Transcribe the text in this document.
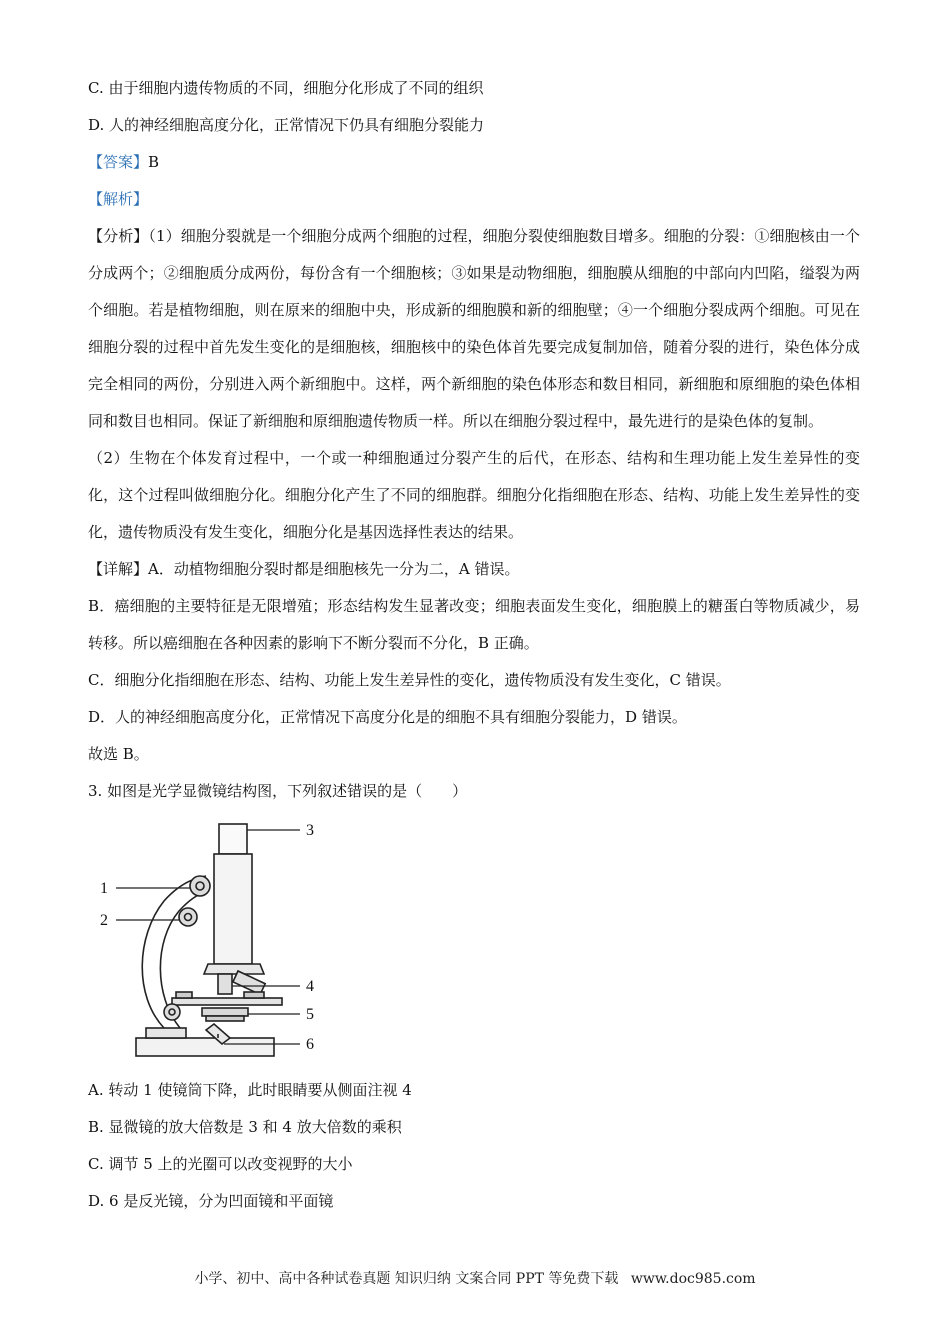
C. 由于细胞内遗传物质的不同，细胞分化形成了不同的组织

D. 人的神经细胞高度分化，正常情况下仍具有细胞分裂能力

【答案】B

【解析】

【分析】（1）细胞分裂就是一个细胞分成两个细胞的过程，细胞分裂使细胞数目增多。细胞的分裂：①细胞核由一个分成两个；②细胞质分成两份，每份含有一个细胞核；③如果是动物细胞，细胞膜从细胞的中部向内凹陷，缢裂为两个细胞。若是植物细胞，则在原来的细胞中央，形成新的细胞膜和新的细胞壁；④一个细胞分裂成两个细胞。可见在细胞分裂的过程中首先发生变化的是细胞核，细胞核中的染色体首先要完成复制加倍，随着分裂的进行，染色体分成完全相同的两份，分别进入两个新细胞中。这样，两个新细胞的染色体形态和数目相同，新细胞和原细胞的染色体相同和数目也相同。保证了新细胞和原细胞遗传物质一样。所以在细胞分裂过程中，最先进行的是染色体的复制。

（2）生物在个体发育过程中，一个或一种细胞通过分裂产生的后代，在形态、结构和生理功能上发生差异性的变化，这个过程叫做细胞分化。细胞分化产生了不同的细胞群。细胞分化指细胞在形态、结构、功能上发生差异性的变化，遗传物质没有发生变化，细胞分化是基因选择性表达的结果。

【详解】A．动植物细胞分裂时都是细胞核先一分为二，A 错误。

B．癌细胞的主要特征是无限增殖；形态结构发生显著改变；细胞表面发生变化，细胞膜上的糖蛋白等物质减少，易转移。所以癌细胞在各种因素的影响下不断分裂而不分化，B 正确。

C．细胞分化指细胞在形态、结构、功能上发生差异性的变化，遗传物质没有发生变化，C 错误。

D．人的神经细胞高度分化，正常情况下高度分化是的细胞不具有细胞分裂能力，D 错误。

故选 B。

3. 如图是光学显微镜结构图，下列叙述错误的是（　　）

1
2
3
4
5
6

A. 转动 1 使镜筒下降，此时眼睛要从侧面注视 4

B. 显微镜的放大倍数是 3 和 4 放大倍数的乘积

C. 调节 5 上的光圈可以改变视野的大小

D. 6 是反光镜，分为凹面镜和平面镜

小学、初中、高中各种试卷真题 知识归纳 文案合同 PPT 等免费下载 www.doc985.com
